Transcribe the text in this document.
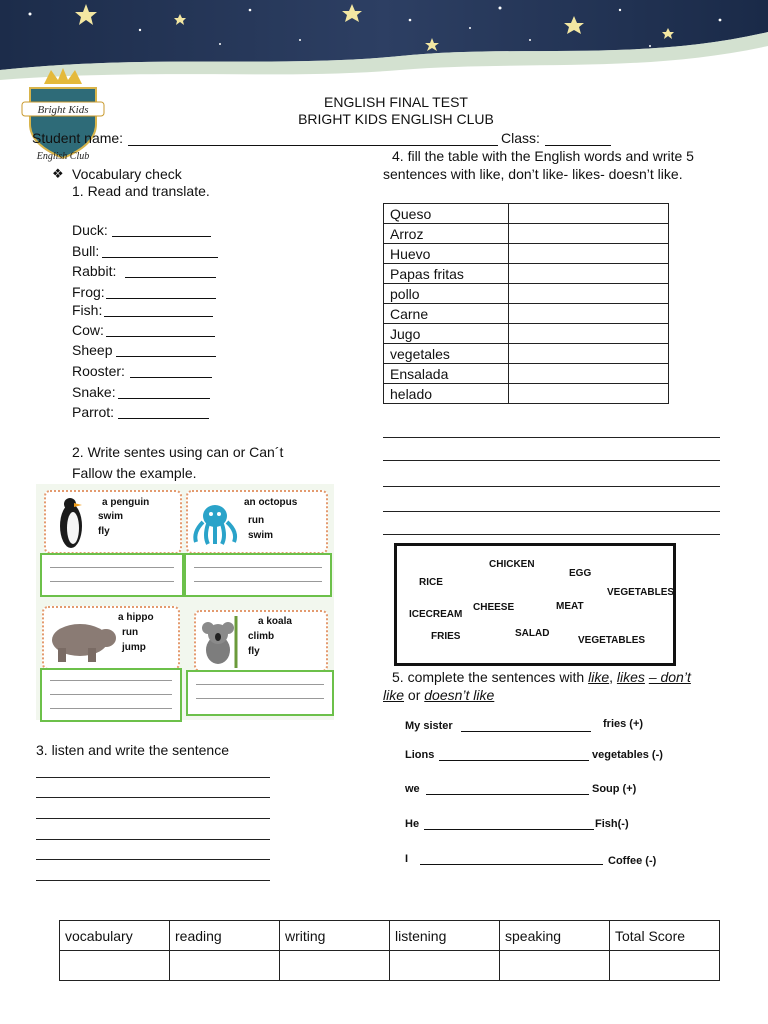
Bright Kids
English Club
ENGLISH FINAL TEST
BRIGHT KIDS ENGLISH CLUB
Student name:	Class:
❖ Vocabulary check
1. Read and translate.
Duck:
Bull:
Rabbit:
Frog:
Fish:
Cow:
Sheep
Rooster:
Snake:
Parrot:
4. fill the table with the English words and write 5
sentences with like, don’t like- likes- doesn’t like.
Queso	
Arroz	
Huevo	
Papas fritas	
pollo	
Carne	
Jugo	
vegetales	
Ensalada	
helado	
CHICKEN
EGG
RICE
VEGETABLES
CHEESE	MEAT
ICECREAM
FRIES	SALAD
VEGETABLES
5. complete the sentences with like, likes – don’t
like or doesn’t like
My sister	fries (+)
Lions	vegetables (-)
we	Soup (+)
He	Fish(-)
I	Coffee (-)
2. Write sentes using can or Can´t
Fallow the example.
a penguin
swim
fly
an octopus
run
swim
a hippo
run
jump
a koala
climb
fly
3. listen and write the sentence
vocabulary	reading	writing	listening	speaking	Total Score
